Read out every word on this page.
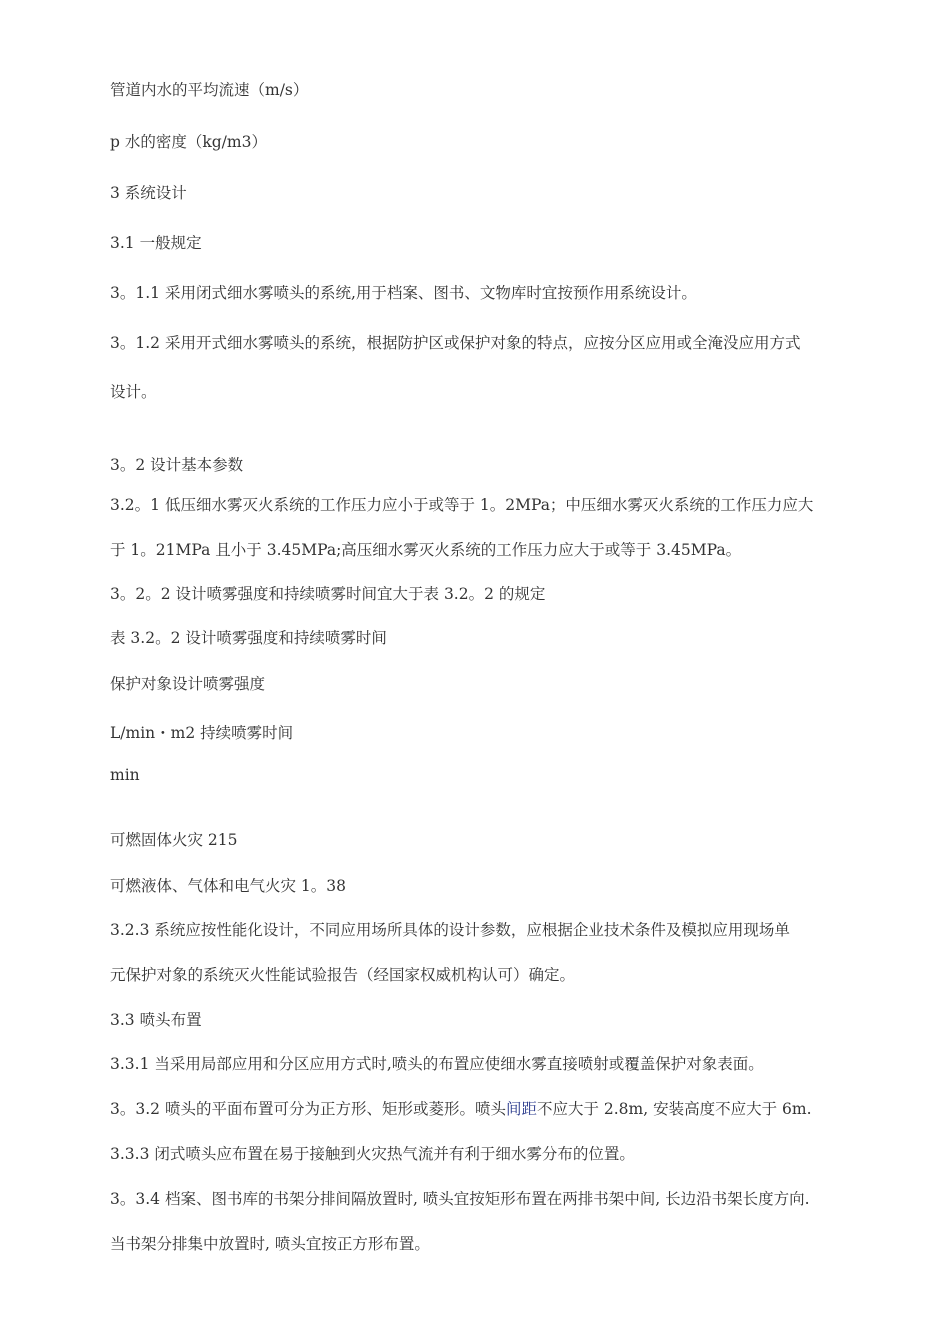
管道内水的平均流速（m/s）
p 水的密度（kg/m3）
3 系统设计
3.1 一般规定
3。1.1 采用闭式细水雾喷头的系统,用于档案、图书、文物库时宜按预作用系统设计。
3。1.2 采用开式细水雾喷头的系统，根据防护区或保护对象的特点，应按分区应用或全淹没应用方式
设计。
3。2 设计基本参数
3.2。1 低压细水雾灭火系统的工作压力应小于或等于 1。2MPa；中压细水雾灭火系统的工作压力应大
于 1。21MPa 且小于 3.45MPa;高压细水雾灭火系统的工作压力应大于或等于 3.45MPa。
3。2。2 设计喷雾强度和持续喷雾时间宜大于表 3.2。2 的规定
表 3.2。2 设计喷雾强度和持续喷雾时间
保护对象设计喷雾强度
L/min・m2 持续喷雾时间
min
可燃固体火灾 215
可燃液体、气体和电气火灾 1。38
3.2.3 系统应按性能化设计，不同应用场所具体的设计参数，应根据企业技术条件及模拟应用现场单
元保护对象的系统灭火性能试验报告（经国家权威机构认可）确定。
3.3 喷头布置
3.3.1 当采用局部应用和分区应用方式时,喷头的布置应使细水雾直接喷射或覆盖保护对象表面。
3。3.2 喷头的平面布置可分为正方形、矩形或菱形。喷头间距不应大于 2.8m, 安装高度不应大于 6m.
3.3.3 闭式喷头应布置在易于接触到火灾热气流并有利于细水雾分布的位置。
3。3.4 档案、图书库的书架分排间隔放置时, 喷头宜按矩形布置在两排书架中间, 长边沿书架长度方向.
当书架分排集中放置时, 喷头宜按正方形布置。
